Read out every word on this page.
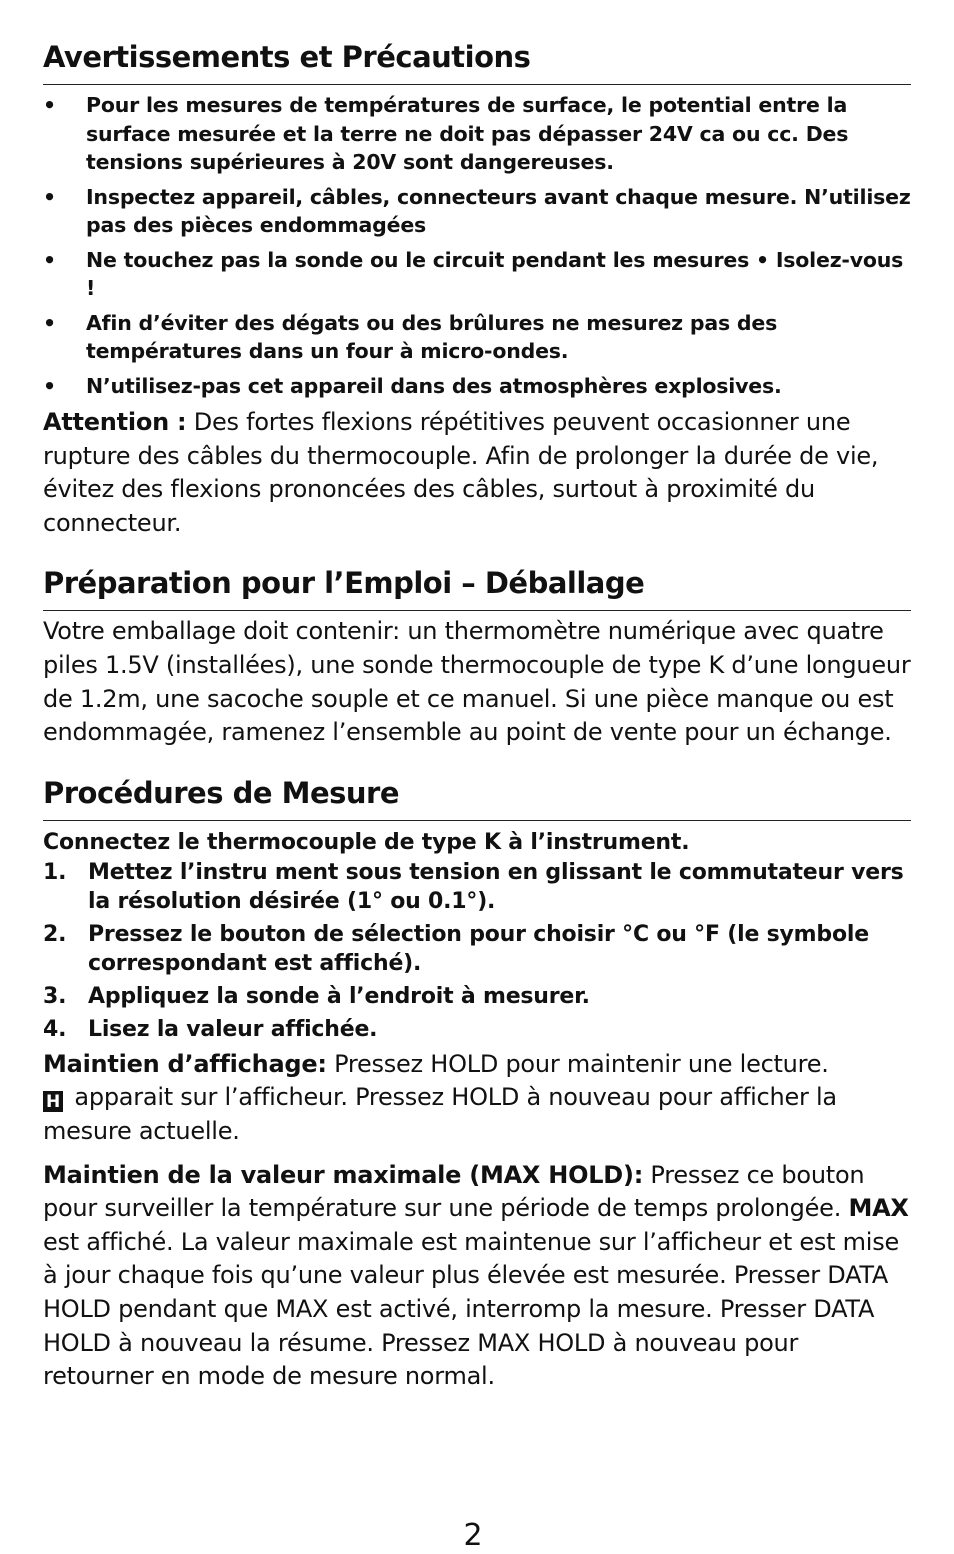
Avertissements et Précautions
• Pour les mesures de températures de surface, le potential entre la surface mesurée et la terre ne doit pas dépasser 24V ca ou cc. Des tensions supérieures à 20V sont dangereuses.
• Inspectez appareil, câbles, connecteurs avant chaque mesure. N’utilisez pas des pièces endommagées
• Ne touchez pas la sonde ou le circuit pendant les mesures • Isolez-vous !
• Afin d’éviter des dégats ou des brûlures ne mesurez pas des températures dans un four à micro-ondes.
• N’utilisez-pas cet appareil dans des atmosphères explosives.

Attention : Des fortes flexions répétitives peuvent occasionner une rupture des câbles du thermocouple. Afin de prolonger la durée de vie, évitez des flexions prononcées des câbles, surtout à proximité du connecteur.

Préparation pour l’Emploi – Déballage

Votre emballage doit contenir: un thermomètre numérique avec quatre piles 1.5V (installées), une sonde thermocouple de type K d’une longueur de 1.2m, une sacoche souple et ce manuel. Si une pièce manque ou est endommagée, ramenez l’ensemble au point de vente pour un échange.

Procédures de Mesure

Connectez le thermocouple de type K à l’instrument.

1. Mettez l’instru ment sous tension en glissant le commutateur vers la résolution désirée (1° ou 0.1°).
2. Pressez le bouton de sélection pour choisir °C ou °F (le symbole correspondant est affiché).
3. Appliquez la sonde à l’endroit à mesurer.
4. Lisez la valeur affichée.

Maintien d’affichage: Pressez HOLD pour maintenir une lecture.
H apparait sur l’afficheur. Pressez HOLD à nouveau pour afficher la mesure actuelle.

Maintien de la valeur maximale (MAX HOLD): Pressez ce bouton pour surveiller la température sur une période de temps prolongée. MAX est affiché. La valeur maximale est maintenue sur l’afficheur et est mise à jour chaque fois qu’une valeur plus élevée est mesurée. Presser DATA HOLD pendant que MAX est activé, interromp la mesure. Presser DATA HOLD à nouveau la résume. Pressez MAX HOLD à nouveau pour retourner en mode de mesure normal.

2
